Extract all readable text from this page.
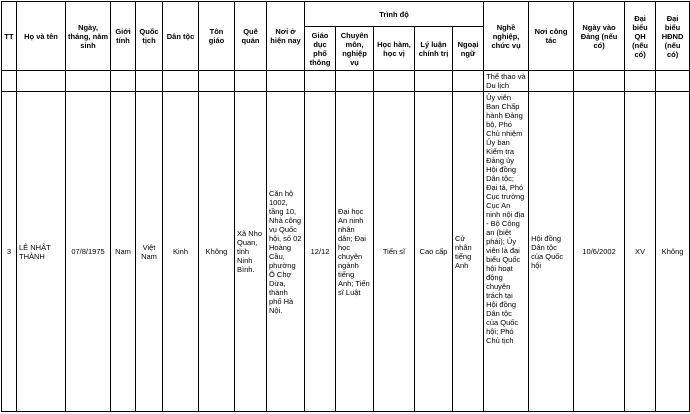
TT	Họ và tên	Ngày, tháng, năm sinh	Giới tính	Quốc tịch	Dân tộc	Tôn giáo	Quê quán	Nơi ở hiện nay	Trình độ					Nghề nghiệp, chức vụ	Nơi công tác	Ngày vào Đảng (nếu có)	Đại biểu QH (nếu có)	Đại biểu HĐND (nếu có)
									Giáo dục phổ thông	Chuyên môn, nghiệp vụ	Học hàm, học vị	Lý luận chính trị	Ngoại ngữ					
														Thể thao và Du lịch				
3	LÊ NHẬT THÀNH	07/8/1975	Nam	Việt Nam	Kinh	Không	Xã Nho Quan, tỉnh Ninh Bình.	Căn hộ 1002, tầng 10, Nhà công vụ Quốc hội, số 02 Hoàng Cầu, phường Ô Chợ Dừa, thành phố Hà Nội.	12/12	Đại học An ninh nhân dân; Đại học chuyên ngành tiếng Anh; Tiến sĩ Luật	Tiến sĩ	Cao cấp	Cử nhân tiếng Anh	Ủy viên Ban Chấp hành Đảng bộ, Phó Chủ nhiệm Ủy ban Kiểm tra Đảng ủy Hội đồng Dân tộc; Đại tá, Phó Cục trưởng Cục An ninh nội địa - Bộ Công an (biệt phái); Ủy viên là đại biểu Quốc hội hoạt động chuyên trách tại Hội đồng Dân tộc của Quốc hội; Phó Chủ tịch	Hội đồng Dân tộc của Quốc hội	10/6/2002	XV	Không
